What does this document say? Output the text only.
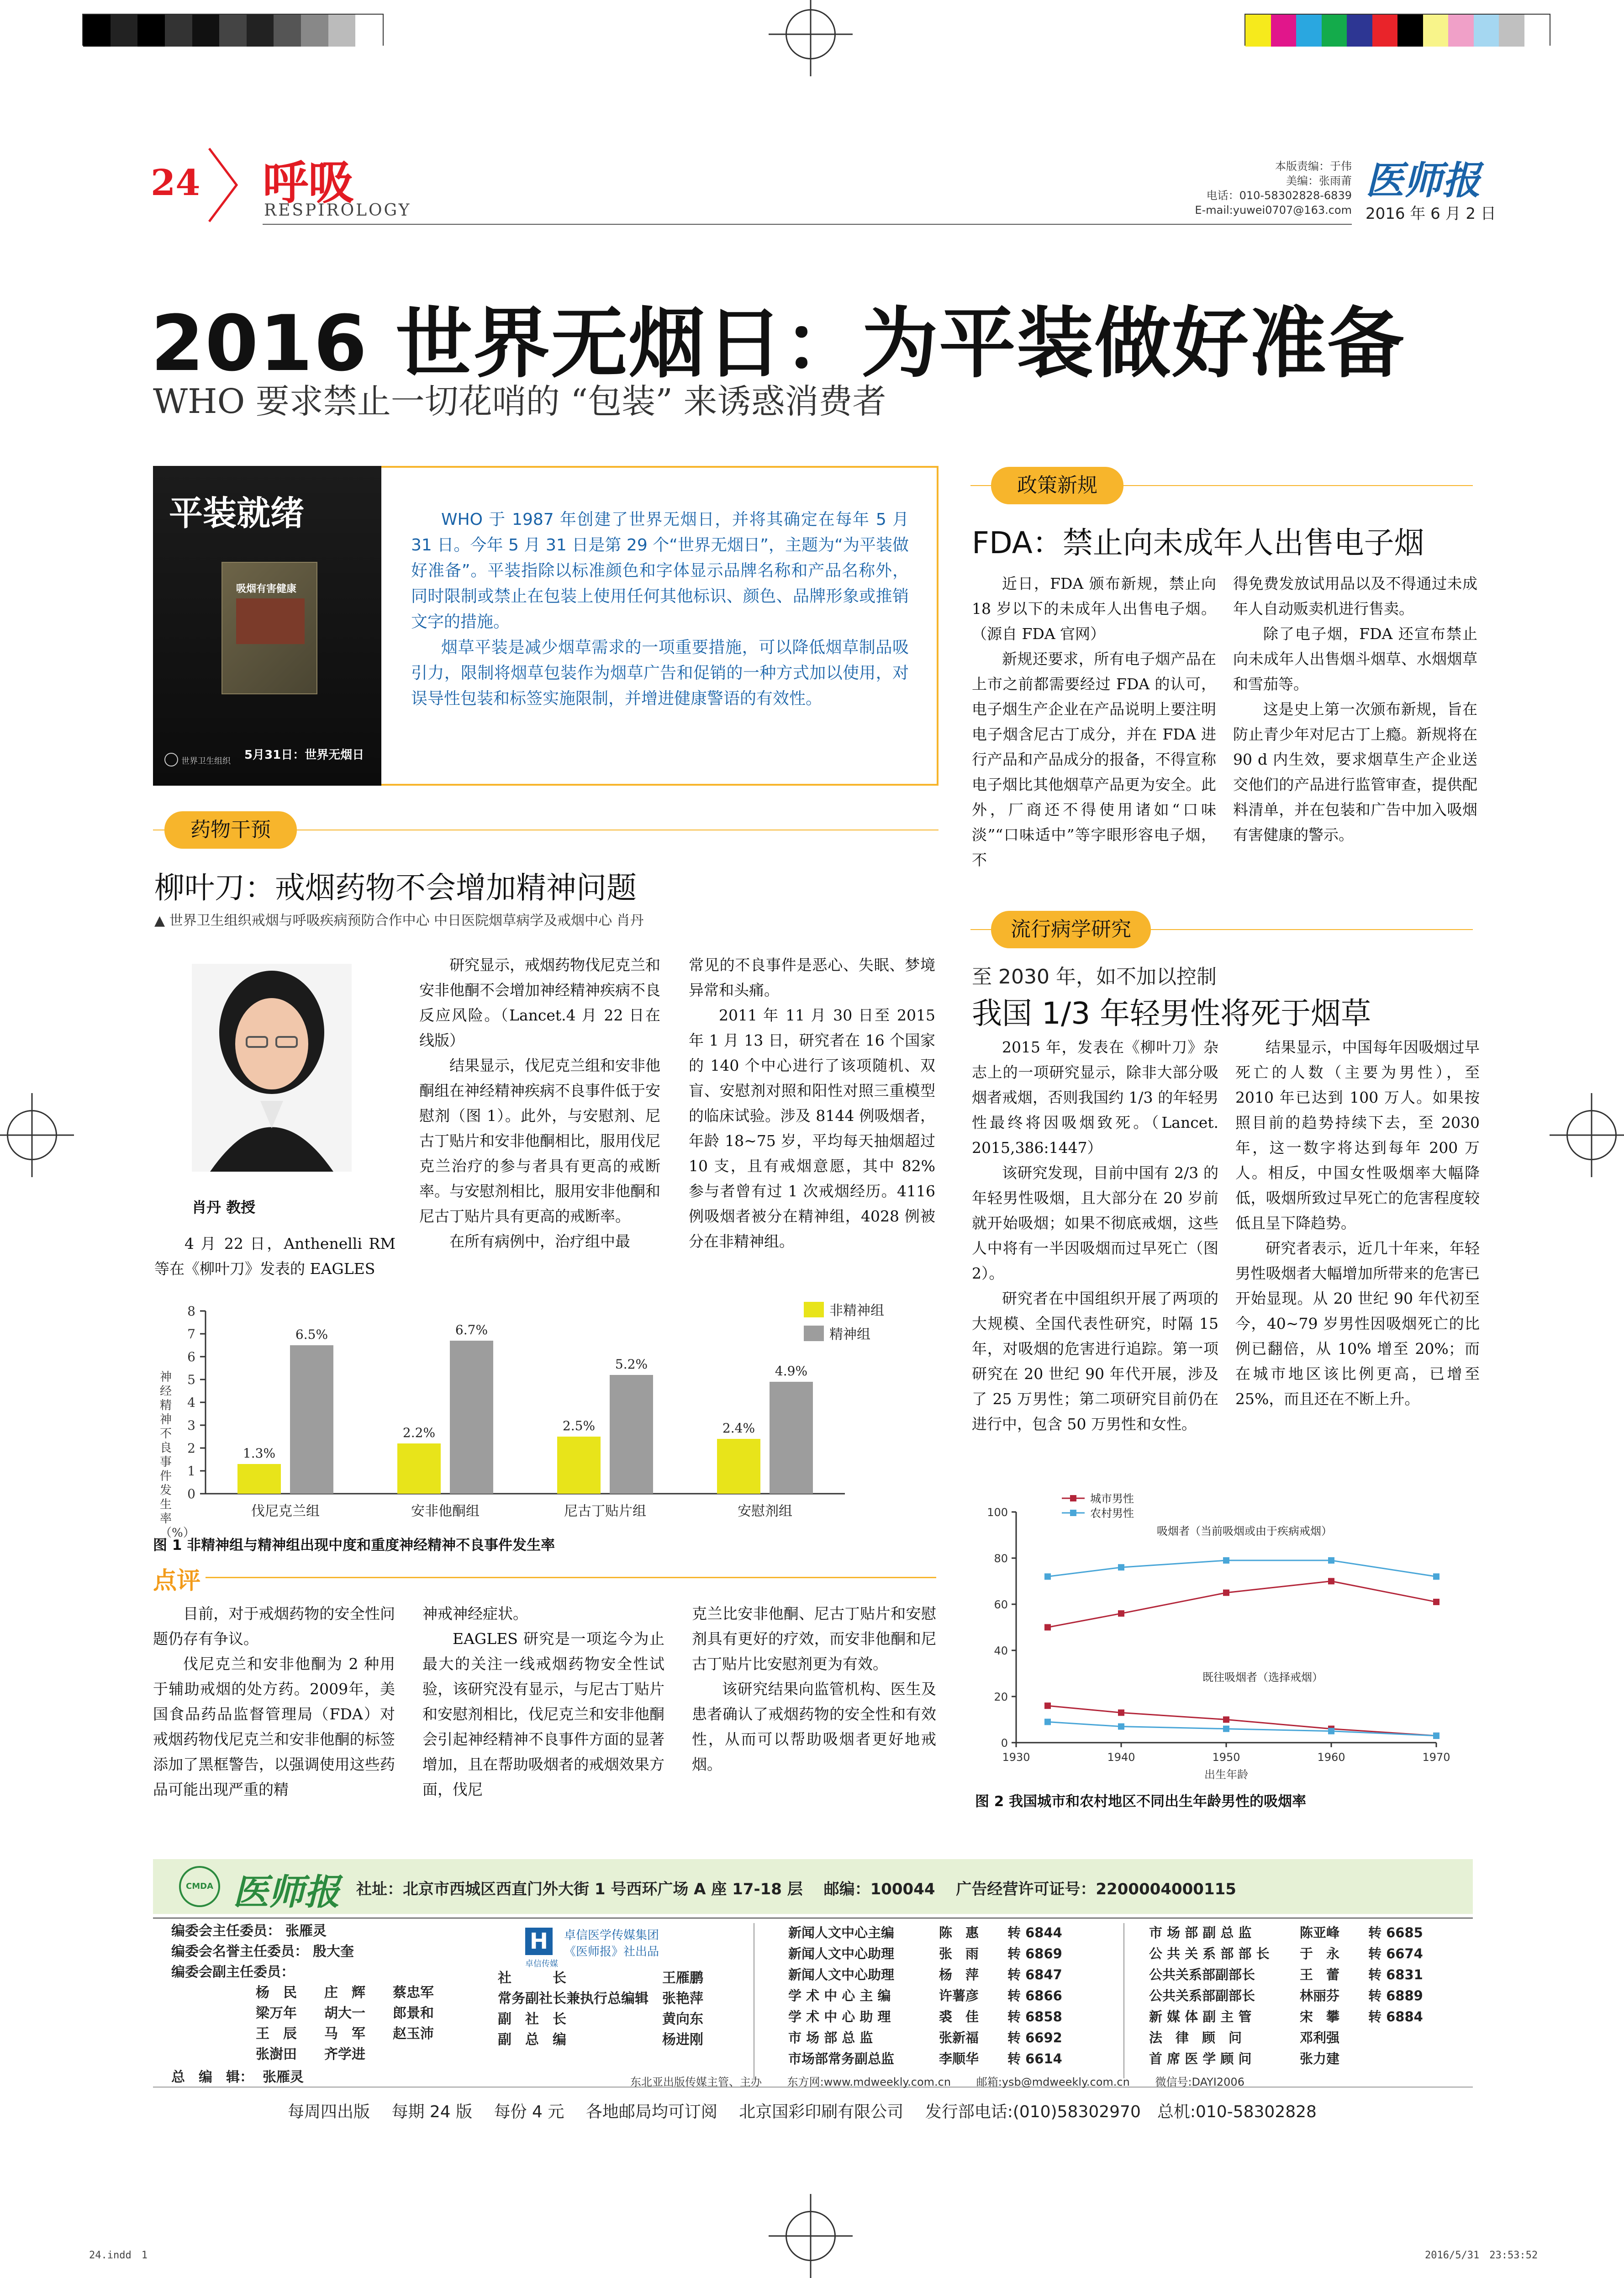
24 呼吸
RESPIROLOGY
本版责编：于伟
美编：张雨莆
电话：010-58302828-6839
E-mail:yuwei0707@163.com
医师报
2016 年 6 月 2 日
2016 世界无烟日：为平装做好准备
WHO 要求禁止一切花哨的 “包装” 来诱惑消费者
平装就绪
吸烟有害健康
世界卫生组织 5月31日：世界无烟日

WHO 于 1987 年创建了世界无烟日，并将其确定在每年 5 月 31 日。今年 5 月 31 日是第 29 个“世界无烟日”，主题为“为平装做好准备”。平装指除以标准颜色和字体显示品牌名称和产品名称外，同时限制或禁止在包装上使用任何其他标识、颜色、品牌形象或推销文字的措施。

烟草平装是减少烟草需求的一项重要措施，可以降低烟草制品吸引力，限制将烟草包装作为烟草广告和促销的一种方式加以使用，对误导性包装和标签实施限制，并增进健康警语的有效性。

药物干预
柳叶刀：戒烟药物不会增加精神问题
▲ 世界卫生组织戒烟与呼吸疾病预防合作中心 中日医院烟草病学及戒烟中心 肖丹
肖丹 教授

4 月 22 日，Anthenelli RM 等在《柳叶刀》发表的 EAGLES

研究显示，戒烟药物伐尼克兰和安非他酮不会增加神经精神疾病不良反应风险。（Lancet.4 月 22 日在线版）

结果显示，伐尼克兰组和安非他酮组在神经精神疾病不良事件低于安慰剂（图 1）。此外，与安慰剂、尼古丁贴片和安非他酮相比，服用伐尼克兰治疗的参与者具有更高的戒断率。与安慰剂相比，服用安非他酮和尼古丁贴片具有更高的戒断率。

在所有病例中，治疗组中最

常见的不良事件是恶心、失眠、梦境异常和头痛。

2011 年 11 月 30 日至 2015 年 1 月 13 日，研究者在 16 个国家的 140 个中心进行了该项随机、双盲、安慰剂对照和阳性对照三重模型的临床试验。涉及 8144 例吸烟者，年龄 18~75 岁，平均每天抽烟超过 10 支，且有戒烟意愿，其中 82% 参与者曾有过 1 次戒烟经历。4116 例吸烟者被分在精神组，4028 例被分在非精神组。

神经精神不良事件发生率（%）
0
1
2
3
4
5
6
7
8
1.3%
6.5%
伐尼克兰组
2.2%
6.7%
安非他酮组
2.5%
5.2%
尼古丁贴片组
2.4%
4.9%
安慰剂组
非精神组
精神组
图 1 非精神组与精神组出现中度和重度神经精神不良事件发生率
点评

目前，对于戒烟药物的安全性问题仍存有争议。

伐尼克兰和安非他酮为 2 种用于辅助戒烟的处方药。2009年，美国食品药品监督管理局（FDA）对戒烟药物伐尼克兰和安非他酮的标签添加了黑框警告，以强调使用这些药品可能出现严重的精

神戒神经症状。

EAGLES 研究是一项迄今为止最大的关注一线戒烟药物安全性试验，该研究没有显示，与尼古丁贴片和安慰剂相比，伐尼克兰和安非他酮会引起神经精神不良事件方面的显著增加，且在帮助吸烟者的戒烟效果方面，伐尼

克兰比安非他酮、尼古丁贴片和安慰剂具有更好的疗效，而安非他酮和尼古丁贴片比安慰剂更为有效。

该研究结果向监管机构、医生及患者确认了戒烟药物的安全性和有效性，从而可以帮助吸烟者更好地戒烟。

政策新规
FDA：禁止向未成年人出售电子烟

近日，FDA 颁布新规，禁止向 18 岁以下的未成年人出售电子烟。（源自 FDA 官网）

新规还要求，所有电子烟产品在上市之前都需要经过 FDA 的认可，电子烟生产企业在产品说明上要注明电子烟含尼古丁成分，并在 FDA 进行产品和产品成分的报备，不得宣称电子烟比其他烟草产品更为安全。此外，厂商还不得使用诸如“口味淡”“口味适中”等字眼形容电子烟，不

得免费发放试用品以及不得通过未成年人自动贩卖机进行售卖。

除了电子烟，FDA 还宣布禁止向未成年人出售烟斗烟草、水烟烟草和雪茄等。

这是史上第一次颁布新规，旨在防止青少年对尼古丁上瘾。新规将在 90 d 内生效，要求烟草生产企业送交他们的产品进行监管审查，提供配料清单，并在包装和广告中加入吸烟有害健康的警示。

流行病学研究
至 2030 年，如不加以控制
我国 1/3 年轻男性将死于烟草

2015 年，发表在《柳叶刀》杂志上的一项研究显示，除非大部分吸烟者戒烟，否则我国约 1/3 的年轻男性最终将因吸烟致死。（Lancet. 2015,386:1447）

该研究发现，目前中国有 2/3 的年轻男性吸烟，且大部分在 20 岁前就开始吸烟；如果不彻底戒烟，这些人中将有一半因吸烟而过早死亡（图 2）。

研究者在中国组织开展了两项的大规模、全国代表性研究，时隔 15 年，对吸烟的危害进行追踪。第一项研究在 20 世纪 90 年代开展，涉及了 25 万男性；第二项研究目前仍在进行中，包含 50 万男性和女性。

结果显示，中国每年因吸烟过早死亡的人数（主要为男性），至 2010 年已达到 100 万人。如果按照目前的趋势持续下去，至 2030 年，这一数字将达到每年 200 万人。相反，中国女性吸烟率大幅降低，吸烟所致过早死亡的危害程度较低且呈下降趋势。

研究者表示，近几十年来，年轻男性吸烟者大幅增加所带来的危害已开始显现。从 20 世纪 90 年代初至今，40~79 岁男性因吸烟死亡的比例已翻倍，从 10% 增至 20%；而在城市地区该比例更高，已增至 25%，而且还在不断上升。

0
20
40
60
80
100
1930	1940	1950	1960	1970
出生年龄
城市男性
农村男性
吸烟者（当前吸烟或由于疾病戒烟）
既往吸烟者（选择戒烟）
图 2 我国城市和农村地区不同出生年龄男性的吸烟率
CMDA 医师报 社址：北京市西城区西直门外大街 1 号西环广场 A 座 17-18 层　 邮编：100044　 广告经营许可证号：2200004000115
编委会主任委员： 张雁灵
编委会名誉主任委员： 殷大奎
编委会副主任委员：
杨　民 庄　辉 蔡忠军
梁万年 胡大一 郎景和
王　辰 马　军 赵玉沛
张澍田 齐学进
总　编　辑： 张雁灵
H
卓信传媒
卓信医学传媒集团
《医师报》社出品
社　　　长	王雁鹏
常务副社长兼执行总编辑 张艳萍
副　社　长	黄向东
副　总　编	杨进刚
新闻人文中心主编	陈　惠	转 6844
新闻人文中心助理	张　雨	转 6869
新闻人文中心助理	杨　萍	转 6847
学 术 中 心 主 编	许薯彦	转 6866
学 术 中 心 助 理	裘　佳	转 6858
市 场 部 总 监	张新福	转 6692
市场部常务副总监	李顺华	转 6614
市 场 部 副 总 监	陈亚峰	转 6685
公 共 关 系 部 部 长	于　永	转 6674
公共关系部副部长	王　蕾	转 6831
公共关系部副部长	林丽芬	转 6889
新 媒 体 副 主 管	宋　攀	转 6884
法　律　顾　问	邓利强	
首 席 医 学 顾 问	张力建	
东北亚出版传媒主管、主办　　 东方网:www.mdweekly.com.cn　　 邮箱:ysb@mdweekly.com.cn　　 微信号:DAYI2006
每周四出版　 每期 24 版　 每份 4 元　 各地邮局均可订阅　 北京国彩印刷有限公司　 发行部电话:(010)58302970　总机:010-58302828
24.indd　1	2016/5/31　23:53:52
